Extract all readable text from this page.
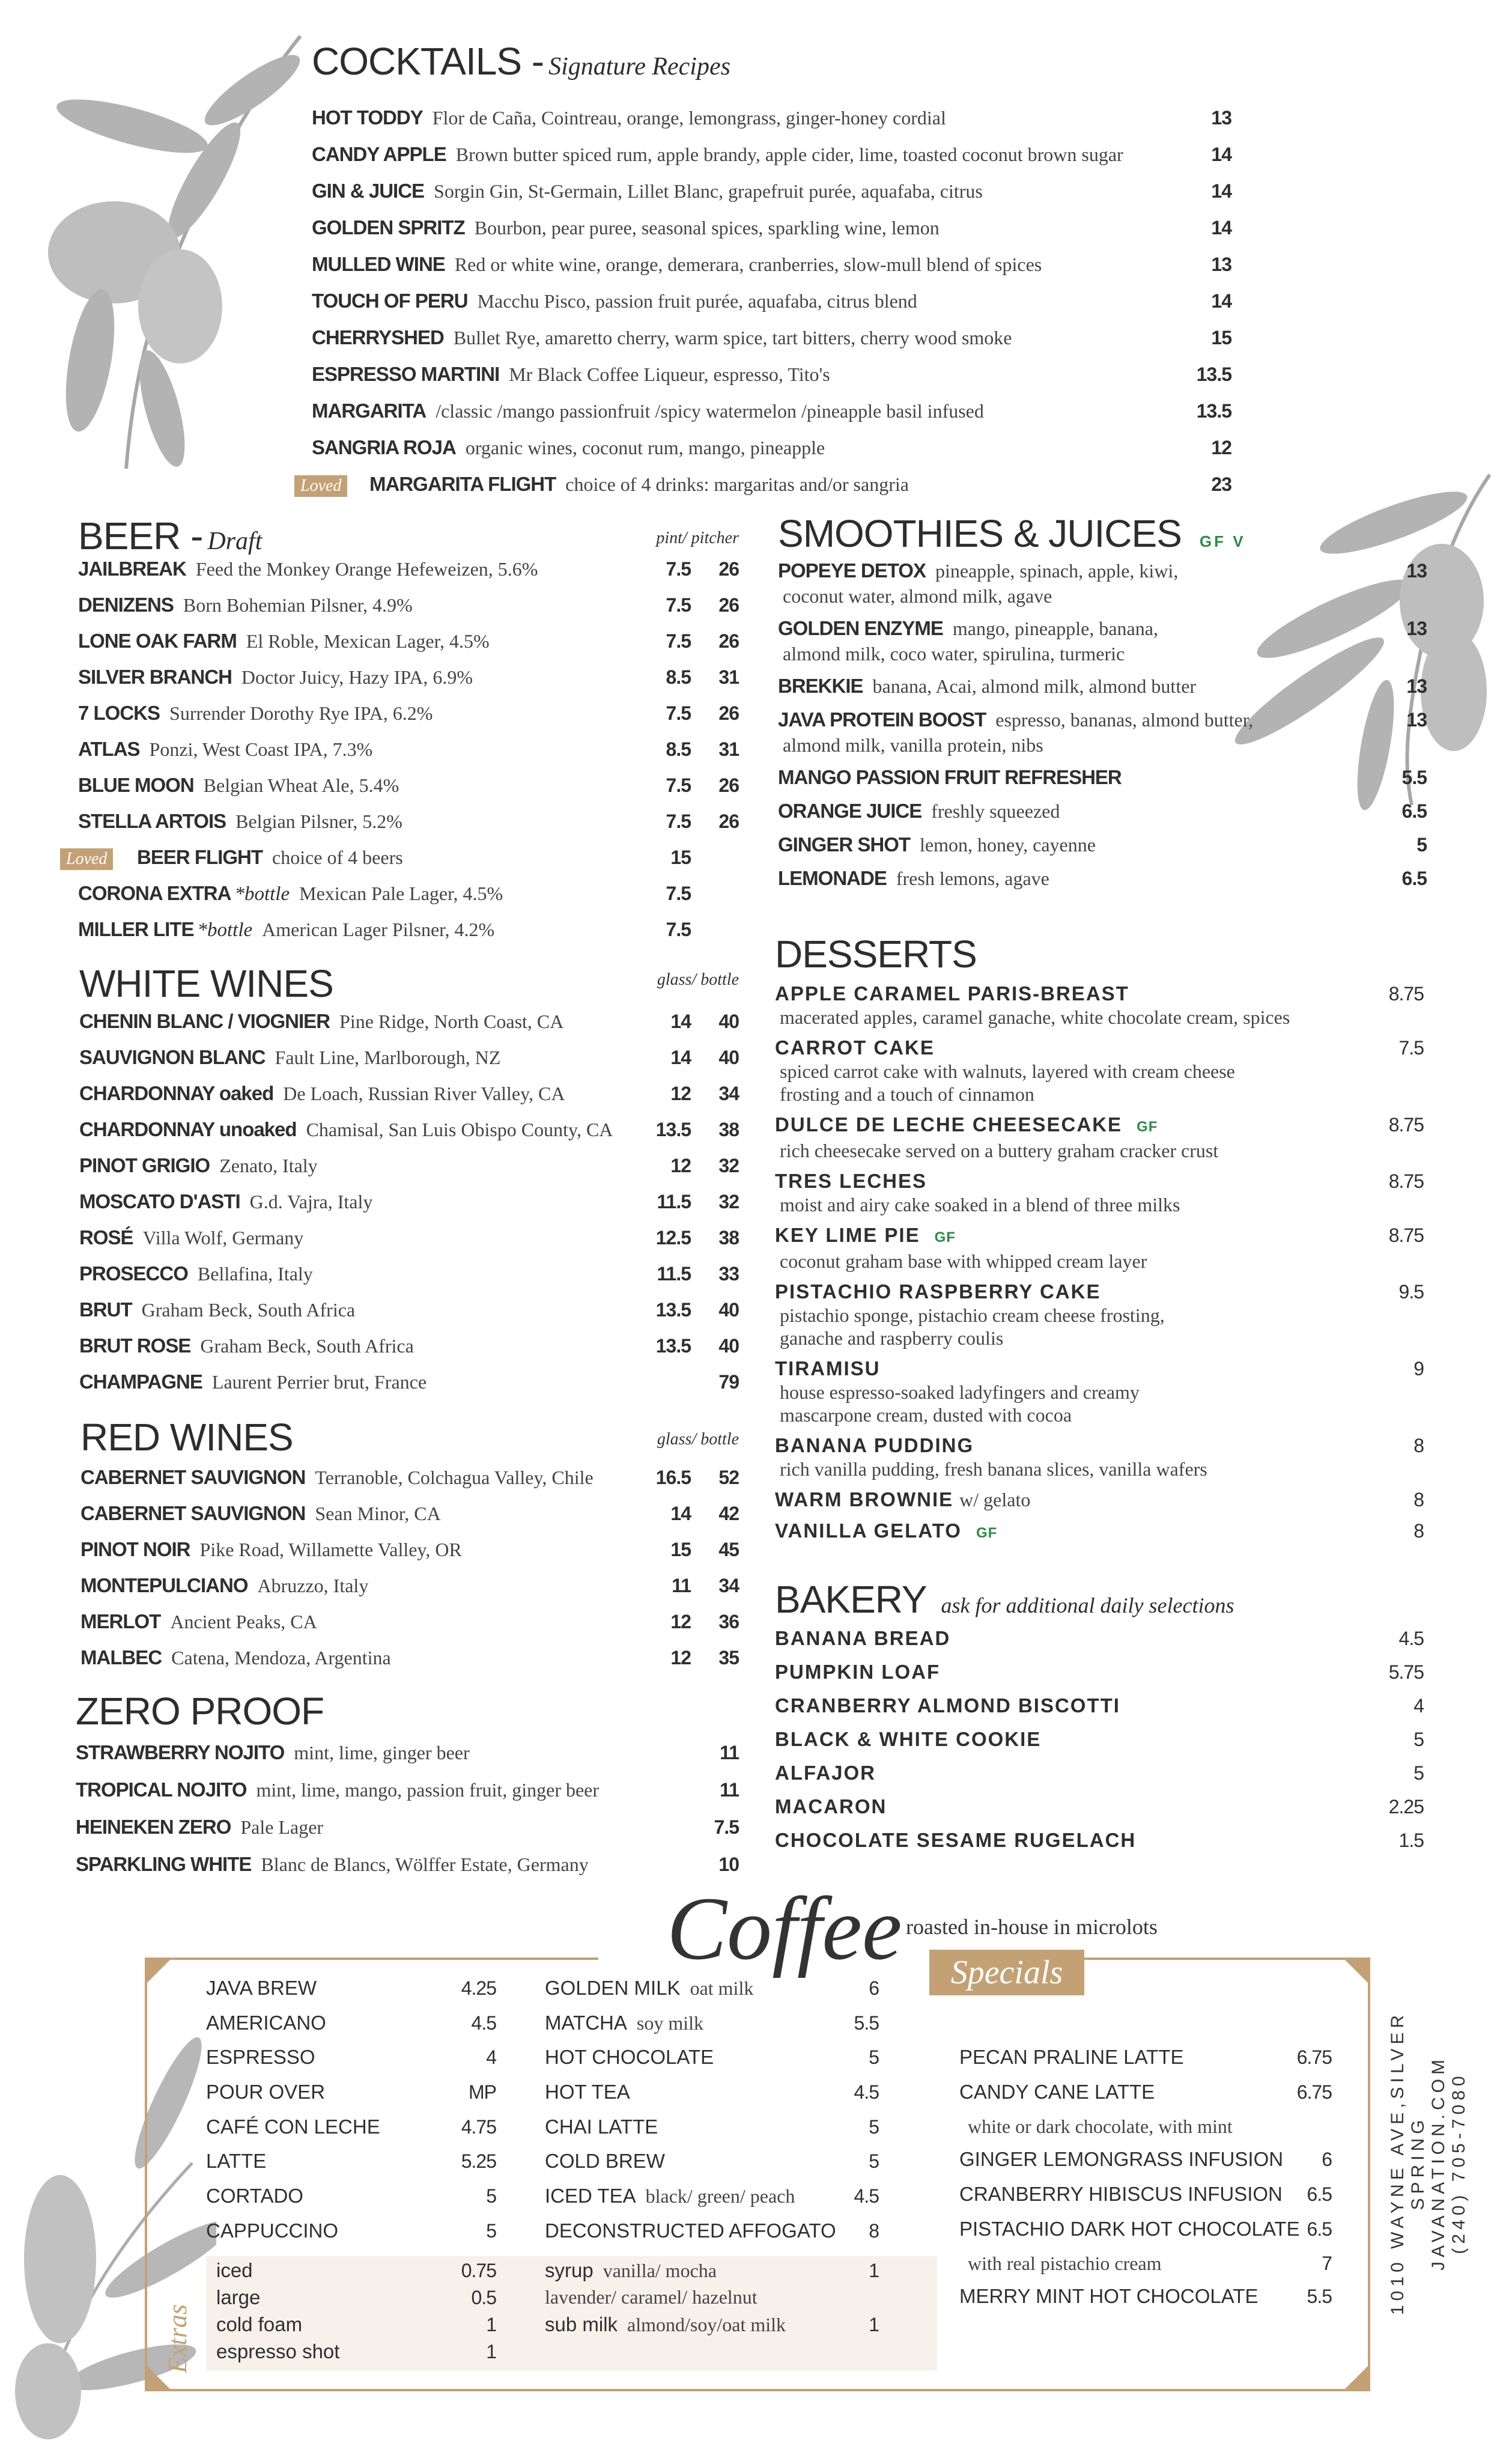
COCKTAILS - Signature Recipes
HOT TODDY Flor de Caña, Cointreau, orange, lemongrass, ginger-honey cordial	13
CANDY APPLE Brown butter spiced rum, apple brandy, apple cider, lime, toasted coconut brown sugar	14
GIN & JUICE Sorgin Gin, St-Germain, Lillet Blanc, grapefruit purée, aquafaba, citrus	14
GOLDEN SPRITZ Bourbon, pear puree, seasonal spices, sparkling wine, lemon	14
MULLED WINE Red or white wine, orange, demerara, cranberries, slow-mull blend of spices	13
TOUCH OF PERU Macchu Pisco, passion fruit purée, aquafaba, citrus blend	14
CHERRYSHED Bullet Rye, amaretto cherry, warm spice, tart bitters, cherry wood smoke	15
ESPRESSO MARTINI Mr Black Coffee Liqueur, espresso, Tito's	13.5
MARGARITA /classic /mango passionfruit /spicy watermelon /pineapple basil infused	13.5
SANGRIA ROJA organic wines, coconut rum, mango, pineapple	12
Loved	MARGARITA FLIGHT choice of 4 drinks: margaritas and/or sangria	23
BEER - Draft	pint/ pitcher
JAILBREAK Feed the Monkey Orange Hefeweizen, 5.6%	7.5	26
DENIZENS Born Bohemian Pilsner, 4.9%	7.5	26
LONE OAK FARM El Roble, Mexican Lager, 4.5%	7.5	26
SILVER BRANCH Doctor Juicy, Hazy IPA, 6.9%	8.5	31
7 LOCKS Surrender Dorothy Rye IPA, 6.2%	7.5	26
ATLAS Ponzi, West Coast IPA, 7.3%	8.5	31
BLUE MOON Belgian Wheat Ale, 5.4%	7.5	26
STELLA ARTOIS Belgian Pilsner, 5.2%	7.5	26
Loved	BEER FLIGHT choice of 4 beers	15
CORONA EXTRA *bottle Mexican Pale Lager, 4.5%	7.5
MILLER LITE *bottle American Lager Pilsner, 4.2%	7.5
WHITE WINES	glass/ bottle
CHENIN BLANC / VIOGNIER Pine Ridge, North Coast, CA	14	40
SAUVIGNON BLANC Fault Line, Marlborough, NZ	14	40
CHARDONNAY oaked De Loach, Russian River Valley, CA	12	34
CHARDONNAY unoaked Chamisal, San Luis Obispo County, CA	13.5	38
PINOT GRIGIO Zenato, Italy	12	32
MOSCATO D'ASTI G.d. Vajra, Italy	11.5	32
ROSÉ Villa Wolf, Germany	12.5	38
PROSECCO Bellafina, Italy	11.5	33
BRUT Graham Beck, South Africa	13.5	40
BRUT ROSE Graham Beck, South Africa	13.5	40
CHAMPAGNE Laurent Perrier brut, France	79
RED WINES	glass/ bottle
CABERNET SAUVIGNON Terranoble, Colchagua Valley, Chile	16.5	52
CABERNET SAUVIGNON Sean Minor, CA	14	42
PINOT NOIR Pike Road, Willamette Valley, OR	15	45
MONTEPULCIANO Abruzzo, Italy	11	34
MERLOT Ancient Peaks, CA	12	36
MALBEC Catena, Mendoza, Argentina	12	35
ZERO PROOF
STRAWBERRY NOJITO mint, lime, ginger beer	11
TROPICAL NOJITO mint, lime, mango, passion fruit, ginger beer	11
HEINEKEN ZERO Pale Lager	7.5
SPARKLING WHITE Blanc de Blancs, Wölffer Estate, Germany	10
SMOOTHIES & JUICES GF V
POPEYE DETOX pineapple, spinach, apple, kiwi,	13
coconut water, almond milk, agave
GOLDEN ENZYME mango, pineapple, banana,	13
almond milk, coco water, spirulina, turmeric
BREKKIE banana, Acai, almond milk, almond butter	13
JAVA PROTEIN BOOST espresso, bananas, almond butter,	13
almond milk, vanilla protein, nibs
MANGO PASSION FRUIT REFRESHER	5.5
ORANGE JUICE freshly squeezed	6.5
GINGER SHOT lemon, honey, cayenne	5
LEMONADE fresh lemons, agave	6.5
DESSERTS
APPLE CARAMEL PARIS-BREAST	8.75
macerated apples, caramel ganache, white chocolate cream, spices
CARROT CAKE	7.5
spiced carrot cake with walnuts, layered with cream cheese
frosting and a touch of cinnamon
DULCE DE LECHE CHEESECAKE GF	8.75
rich cheesecake served on a buttery graham cracker crust
TRES LECHES	8.75
moist and airy cake soaked in a blend of three milks
KEY LIME PIE GF	8.75
coconut graham base with whipped cream layer
PISTACHIO RASPBERRY CAKE	9.5
pistachio sponge, pistachio cream cheese frosting,
ganache and raspberry coulis
TIRAMISU	9
house espresso-soaked ladyfingers and creamy
mascarpone cream, dusted with cocoa
BANANA PUDDING	8
rich vanilla pudding, fresh banana slices, vanilla wafers
WARM BROWNIE w/ gelato	8
VANILLA GELATO GF	8
BAKERY ask for additional daily selections
BANANA BREAD	4.5
PUMPKIN LOAF	5.75
CRANBERRY ALMOND BISCOTTI	4
BLACK & WHITE COOKIE	5
ALFAJOR	5
MACARON	2.25
CHOCOLATE SESAME RUGELACH	1.5
Coffee roasted in-house in microlots
Extras
JAVA BREW	4.25
AMERICANO	4.5
ESPRESSO	4
POUR OVER	MP
CAFÉ CON LECHE	4.75
LATTE	5.25
CORTADO	5
CAPPUCCINO	5
GOLDEN MILK oat milk	6
MATCHA soy milk	5.5
HOT CHOCOLATE	5
HOT TEA	4.5
CHAI LATTE	5
COLD BREW	5
ICED TEA black/ green/ peach	4.5
DECONSTRUCTED AFFOGATO 8
iced	0.75
large	0.5
cold foam	1
espresso shot	1
syrup vanilla/ mocha	1
lavender/ caramel/ hazelnut
sub milk almond/soy/oat milk	1
Specials
PECAN PRALINE LATTE	6.75
CANDY CANE LATTE	6.75
white or dark chocolate, with mint
GINGER LEMONGRASS INFUSION 6
CRANBERRY HIBISCUS INFUSION 6.5
PISTACHIO DARK HOT CHOCOLATE 6.5
with real pistachio cream	7
MERRY MINT HOT CHOCOLATE	5.5	1010 WAYNE AVE,SILVER SPRING JAVANATION.COM (240) 705-7080
